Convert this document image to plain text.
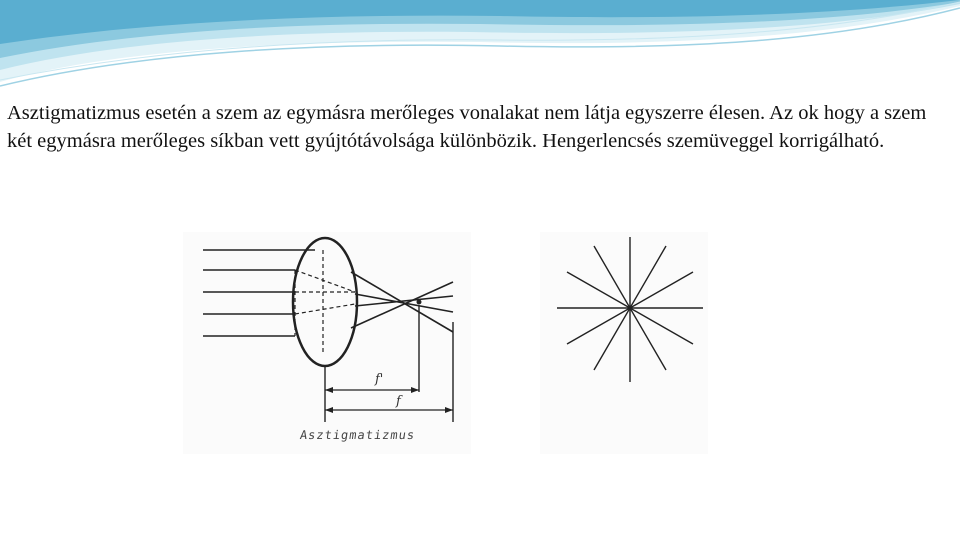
Asztigmatizmus esetén a szem az egymásra merőleges vonalakat nem látja egyszerre élesen. Az ok hogy a szem két egymásra merőleges síkban vett gyújtótávolsága különbözik. Hengerlencsés szemüveggel korrigálható.
f'
f
Asztigmatizmus
